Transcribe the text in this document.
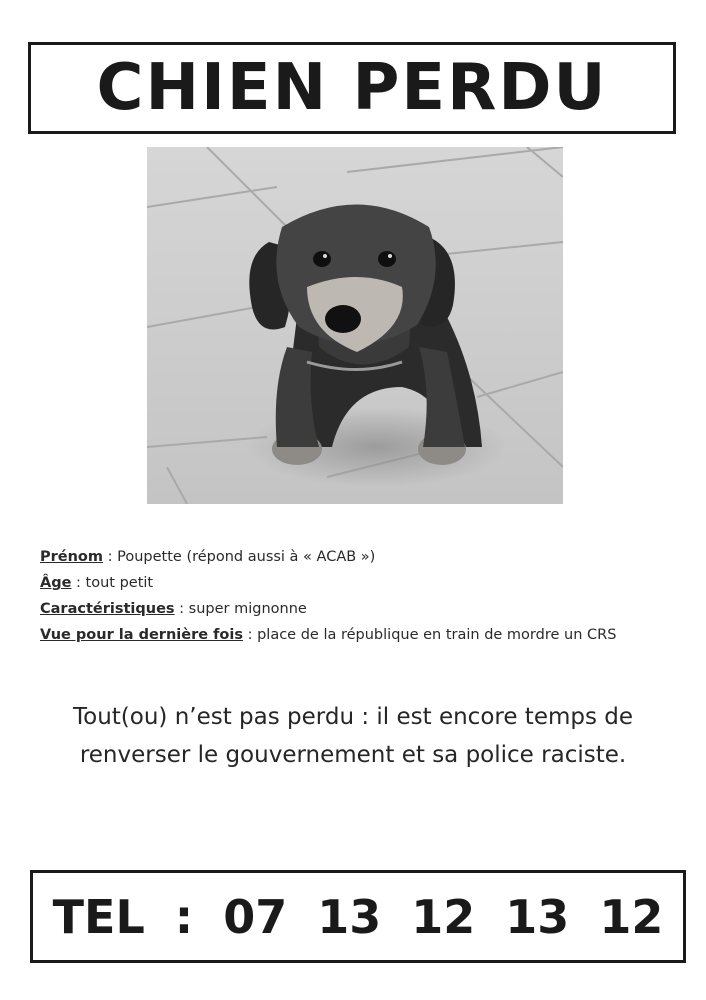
CHIEN PERDU
Prénom : Poupette (répond aussi à « ACAB »)
Âge : tout petit
Caractéristiques : super mignonne
Vue pour la dernière fois : place de la république en train de mordre un CRS

Tout(ou) n’est pas perdu : il est encore temps de

renverser le gouvernement et sa police raciste.

TEL
:
07 13 12 13 12
